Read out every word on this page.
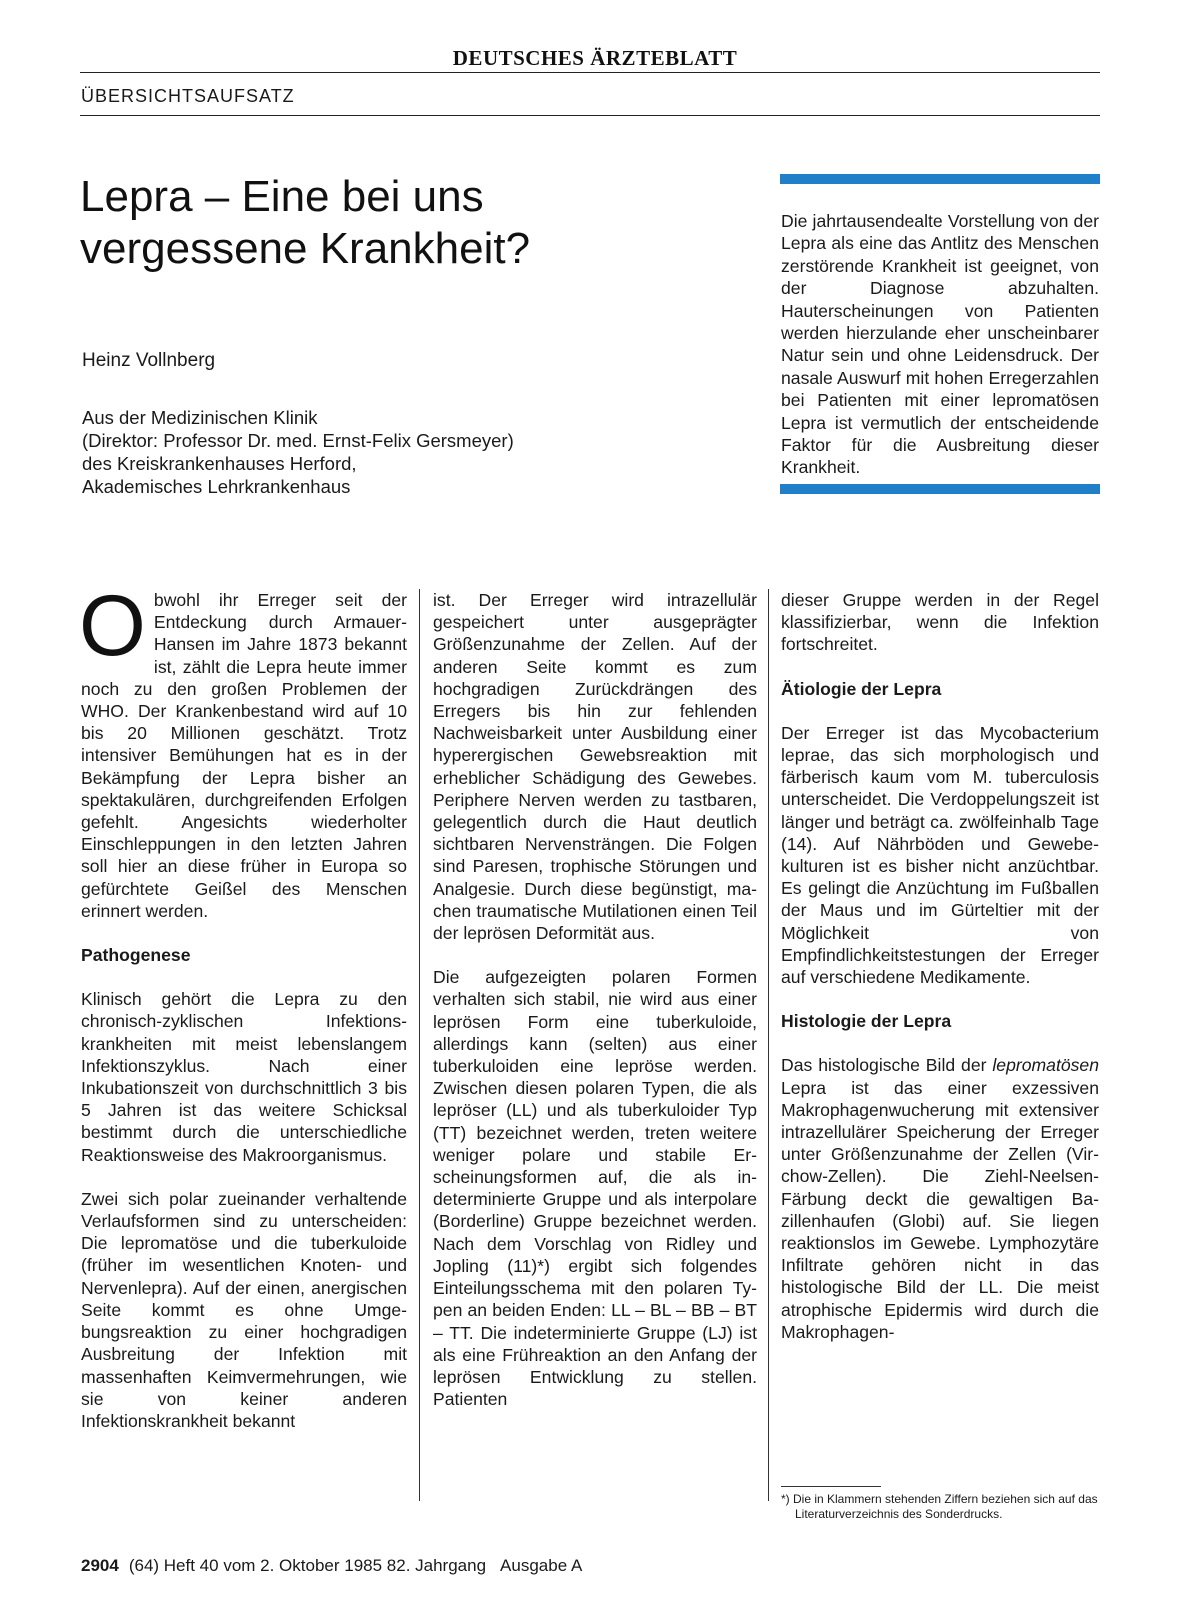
DEUTSCHES ÄRZTEBLATT
ÜBERSICHTSAUFSATZ
Lepra – Eine bei uns vergessene Krankheit?
Heinz Vollnberg
Aus der Medizinischen Klinik
(Direktor: Professor Dr. med. Ernst-Felix Gersmeyer)
des Kreiskrankenhauses Herford,
Akademisches Lehrkrankenhaus
Die jahrtausendealte Vorstellung von der Lepra als eine das Antlitz des Menschen zerstörende Krankheit ist geeignet, von der Diagnose abzuhalten. Hauterscheinungen von Patienten werden hierzulande eher unscheinbarer Natur sein und ohne Leidensdruck. Der nasale Auswurf mit hohen Erregerzahlen bei Patienten mit einer lepromatösen Lepra ist vermutlich der entscheidende Faktor für die Ausbreitung dieser Krankheit.

Obwohl ihr Erreger seit der Entdeckung durch Armauer-Hansen im Jahre 1873 bekannt ist, zählt die Lepra heute immer noch zu den großen Problemen der WHO. Der Krankenbestand wird auf 10 bis 20 Millionen geschätzt. Trotz intensiver Bemühungen hat es in der Bekämpfung der Lepra bisher an spektakulären, durchgreifenden Erfolgen gefehlt. Angesichts wiederholter Einschleppungen in den letzten Jahren soll hier an diese früher in Europa so gefürchtete Geißel des Menschen erinnert werden.

Pathogenese

Klinisch gehört die Lepra zu den chronisch-zyklischen Infektionskrankheiten mit meist lebenslangem Infektionszyklus. Nach einer Inkubationszeit von durchschnittlich 3 bis 5 Jahren ist das weitere Schicksal bestimmt durch die unterschiedliche Reaktionsweise des Makroorganismus.

Zwei sich polar zueinander verhaltende Verlaufsformen sind zu unterscheiden: Die lepromatöse und die tuberkuloide (früher im wesentlichen Knoten- und Nervenlepra). Auf der einen, anergischen Seite kommt es ohne Umgebungsreaktion zu einer hochgradigen Ausbreitung der Infektion mit massenhaften Keimvermehrungen, wie sie von keiner anderen Infektionskrankheit bekannt

ist. Der Erreger wird intrazellulär gespeichert unter ausgeprägter Größenzunahme der Zellen. Auf der anderen Seite kommt es zum hochgradigen Zurückdrängen des Erregers bis hin zur fehlenden Nachweisbarkeit unter Ausbildung einer hyperergischen Gewebsreaktion mit erheblicher Schädigung des Gewebes. Periphere Nerven werden zu tastbaren, gelegentlich durch die Haut deutlich sichtbaren Nervensträngen. Die Folgen sind Paresen, trophische Störungen und Analgesie. Durch diese begünstigt, machen traumatische Mutilationen einen Teil der leprösen Deformität aus.

Die aufgezeigten polaren Formen verhalten sich stabil, nie wird aus einer leprösen Form eine tuberkuloide, allerdings kann (selten) aus einer tuberkuloiden eine lepröse werden. Zwischen diesen polaren Typen, die als lepröser (LL) und als tuberkuloider Typ (TT) bezeichnet werden, treten weitere weniger polare und stabile Erscheinungsformen auf, die als indeterminierte Gruppe und als interpolare (Borderline) Gruppe bezeichnet werden. Nach dem Vorschlag von Ridley und Jopling (11)*) ergibt sich folgendes Einteilungsschema mit den polaren Typen an beiden Enden: LL – BL – BB – BT – TT. Die indeterminierte Gruppe (LJ) ist als eine Frühreaktion an den Anfang der leprösen Entwicklung zu stellen. Patienten

dieser Gruppe werden in der Regel klassifizierbar, wenn die Infektion fortschreitet.

Ätiologie der Lepra

Der Erreger ist das Mycobacterium leprae, das sich morphologisch und färberisch kaum vom M. tuberculosis unterscheidet. Die Verdoppelungszeit ist länger und beträgt ca. zwölfeinhalb Tage (14). Auf Nährböden und Gewebekulturen ist es bisher nicht anzüchtbar. Es gelingt die Anzüchtung im Fußballen der Maus und im Gürteltier mit der Möglichkeit von Empfindlichkeitstestungen der Erreger auf verschiedene Medikamente.

Histologie der Lepra

Das histologische Bild der lepromatösen Lepra ist das einer exzessiven Makrophagenwucherung mit extensiver intrazellulärer Speicherung der Erreger unter Größenzunahme der Zellen (Virchow-Zellen). Die Ziehl-Neelsen-Färbung deckt die gewaltigen Bazillenhaufen (Globi) auf. Sie liegen reaktionslos im Gewebe. Lymphozytäre Infiltrate gehören nicht in das histologische Bild der LL. Die meist atrophische Epidermis wird durch die Makrophagen-

*) Die in Klammern stehenden Ziffern beziehen sich auf das Literaturverzeichnis des Sonderdrucks.
2904 (64) Heft 40 vom 2. Oktober 1985 82. Jahrgang Ausgabe A
